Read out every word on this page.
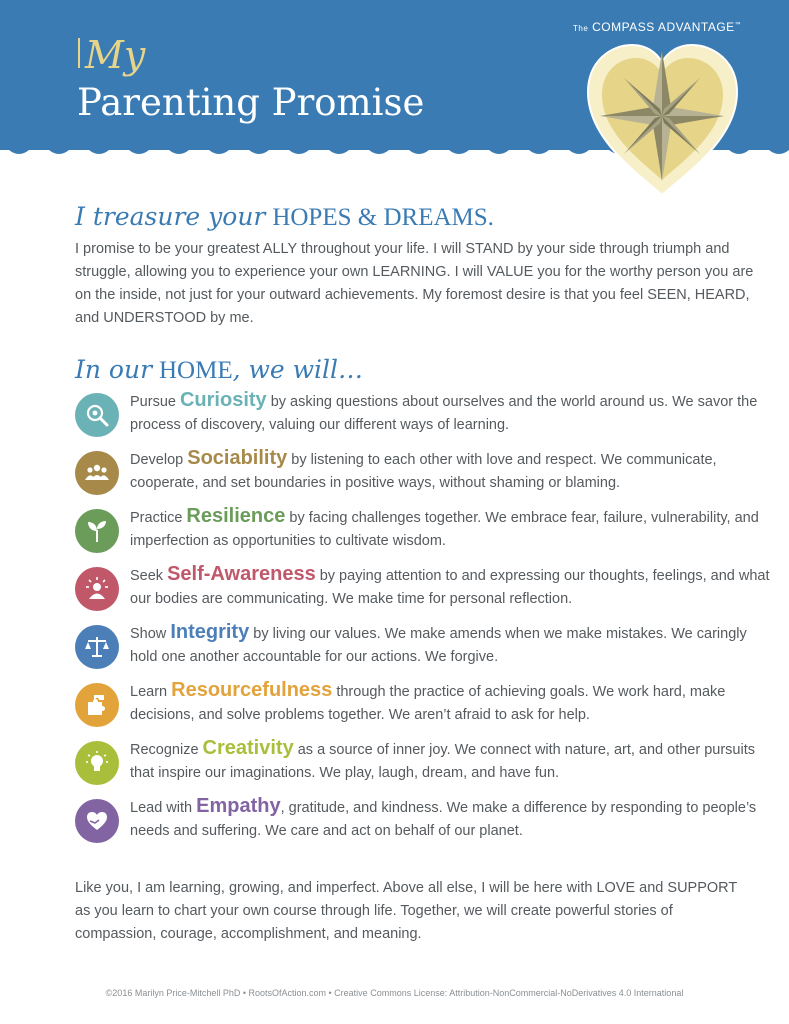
The COMPASS ADVANTAGE™
My
Parenting Promise
I treasure your HOPES & DREAMS.

I promise to be your greatest ALLY throughout your life. I will STAND by your side through triumph and struggle, allowing you to experience your own LEARNING. I will VALUE you for the worthy person you are on the inside, not just for your outward achievements. My foremost desire is that you feel SEEN, HEARD, and UNDERSTOOD by me.

In our HOME, we will…
Pursue Curiosity by asking questions about ourselves and the world around us. We savor the process of discovery, valuing our different ways of learning.
Develop Sociability by listening to each other with love and respect. We communicate, cooperate, and set boundaries in positive ways, without shaming or blaming.
Practice Resilience by facing challenges together. We embrace fear, failure, vulnerability, and imperfection as opportunities to cultivate wisdom.
Seek Self-Awareness by paying attention to and expressing our thoughts, feelings, and what our bodies are communicating. We make time for personal reflection.
Show Integrity by living our values. We make amends when we make mistakes. We caringly hold one another accountable for our actions. We forgive.
Learn Resourcefulness through the practice of achieving goals. We work hard, make decisions, and solve problems together. We aren’t afraid to ask for help.
Recognize Creativity as a source of inner joy. We connect with nature, art, and other pursuits that inspire our imaginations. We play, laugh, dream, and have fun.
Lead with Empathy, gratitude, and kindness. We make a difference by responding to people’s needs and suffering. We care and act on behalf of our planet.

Like you, I am learning, growing, and imperfect. Above all else, I will be here with LOVE and SUPPORT as you learn to chart your own course through life. Together, we will create powerful stories of compassion, courage, accomplishment, and meaning.

©2016 Marilyn Price-Mitchell PhD • RootsOfAction.com • Creative Commons License: Attribution-NonCommercial-NoDerivatives 4.0 International
